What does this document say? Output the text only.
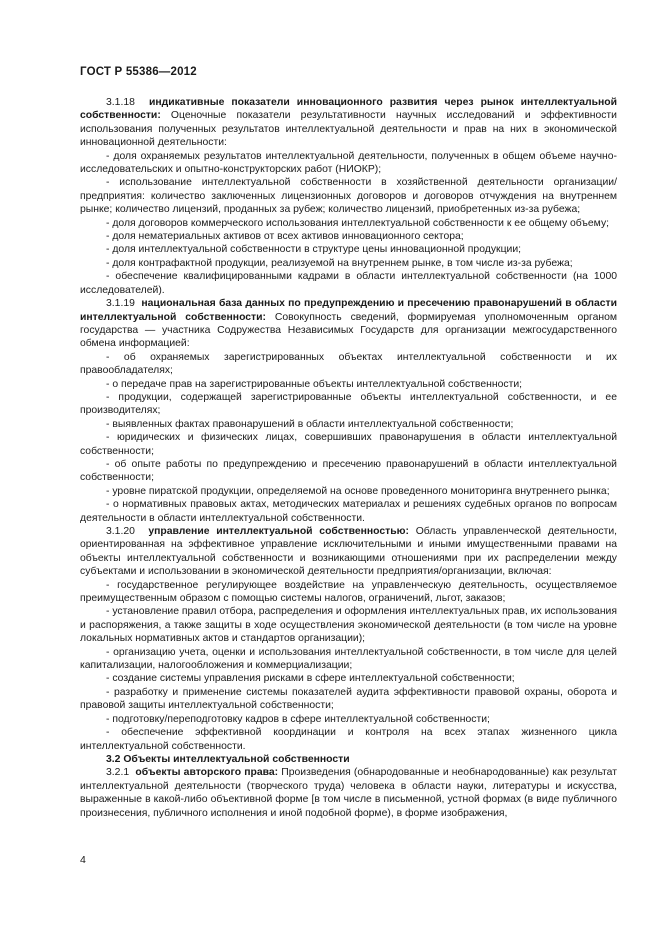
ГОСТ Р 55386—2012

3.1.18 индикативные показатели инновационного развития через рынок интеллектуальной собственности: Оценочные показатели результативности научных исследований и эффективности использования полученных результатов интеллектуальной деятельности и прав на них в экономической инновационной деятельности:

- доля охраняемых результатов интеллектуальной деятельности, полученных в общем объеме научно-исследовательских и опытно-конструкторских работ (НИОКР);

- использование интеллектуальной собственности в хозяйственной деятельности организации/предприятия: количество заключенных лицензионных договоров и договоров отчуждения на внутреннем рынке; количество лицензий, проданных за рубеж; количество лицензий, приобретенных из-за рубежа;

- доля договоров коммерческого использования интеллектуальной собственности к ее общему объему;

- доля нематериальных активов от всех активов инновационного сектора;

- доля интеллектуальной собственности в структуре цены инновационной продукции;

- доля контрафактной продукции, реализуемой на внутреннем рынке, в том числе из-за рубежа;

- обеспечение квалифицированными кадрами в области интеллектуальной собственности (на 1000 исследователей).

3.1.19 национальная база данных по предупреждению и пресечению правонарушений в области интеллектуальной собственности: Совокупность сведений, формируемая уполномоченным органом государства — участника Содружества Независимых Государств для организации межгосударственного обмена информацией:

- об охраняемых зарегистрированных объектах интеллектуальной собственности и их правообладателях;

- о передаче прав на зарегистрированные объекты интеллектуальной собственности;

- продукции, содержащей зарегистрированные объекты интеллектуальной собственности, и ее производителях;

- выявленных фактах правонарушений в области интеллектуальной собственности;

- юридических и физических лицах, совершивших правонарушения в области интеллектуальной собственности;

- об опыте работы по предупреждению и пресечению правонарушений в области интеллектуальной собственности;

- уровне пиратской продукции, определяемой на основе проведенного мониторинга внутреннего рынка;

- о нормативных правовых актах, методических материалах и решениях судебных органов по вопросам деятельности в области интеллектуальной собственности.

3.1.20 управление интеллектуальной собственностью: Область управленческой деятельности, ориентированная на эффективное управление исключительными и иными имущественными правами на объекты интеллектуальной собственности и возникающими отношениями при их распределении между субъектами и использовании в экономической деятельности предприятия/организации, включая:

- государственное регулирующее воздействие на управленческую деятельность, осуществляемое преимущественным образом с помощью системы налогов, ограничений, льгот, заказов;

- установление правил отбора, распределения и оформления интеллектуальных прав, их использования и распоряжения, а также защиты в ходе осуществления экономической деятельности (в том числе на уровне локальных нормативных актов и стандартов организации);

- организацию учета, оценки и использования интеллектуальной собственности, в том числе для целей капитализации, налогообложения и коммерциализации;

- создание системы управления рисками в сфере интеллектуальной собственности;

- разработку и применение системы показателей аудита эффективности правовой охраны, оборота и правовой защиты интеллектуальной собственности;

- подготовку/переподготовку кадров в сфере интеллектуальной собственности;

- обеспечение эффективной координации и контроля на всех этапах жизненного цикла интеллектуальной собственности.

3.2 Объекты интеллектуальной собственности

3.2.1 объекты авторского права: Произведения (обнародованные и необнародованные) как результат интеллектуальной деятельности (творческого труда) человека в области науки, литературы и искусства, выраженные в какой-либо объективной форме [в том числе в письменной, устной формах (в виде публичного произнесения, публичного исполнения и иной подобной форме), в форме изображения,

4
